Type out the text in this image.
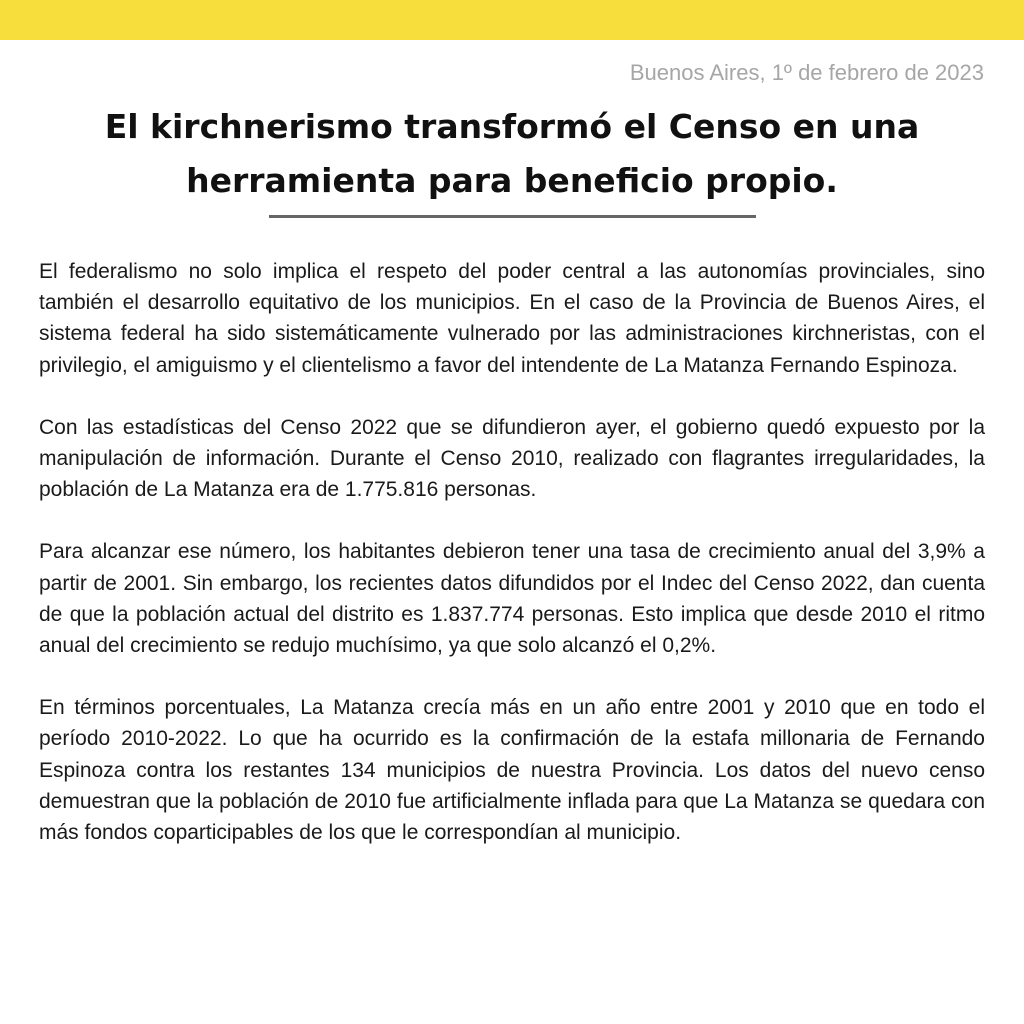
Buenos Aires, 1º de febrero de 2023
El kirchnerismo transformó el Censo en una herramienta para beneficio propio.

El federalismo no solo implica el respeto del poder central a las autonomías provinciales, sino también el desarrollo equitativo de los municipios. En el caso de la Provincia de Buenos Aires, el sistema federal ha sido sistemáticamente vulnerado por las administraciones kirchneristas, con el privilegio, el amiguismo y el clientelismo a favor del intendente de La Matanza Fernando Espinoza.

Con las estadísticas del Censo 2022 que se difundieron ayer, el gobierno quedó expuesto por la manipulación de información. Durante el Censo 2010, realizado con flagrantes irregularidades, la población de La Matanza era de 1.775.816 personas.

Para alcanzar ese número, los habitantes debieron tener una tasa de crecimiento anual del 3,9% a partir de 2001. Sin embargo, los recientes datos difundidos por el Indec del Censo 2022, dan cuenta de que la población actual del distrito es 1.837.774 personas. Esto implica que desde 2010 el ritmo anual del crecimiento se redujo muchísimo, ya que solo alcanzó el 0,2%.

En términos porcentuales, La Matanza crecía más en un año entre 2001 y 2010 que en todo el período 2010-2022. Lo que ha ocurrido es la confirmación de la estafa millonaria de Fernando Espinoza contra los restantes 134 municipios de nuestra Provincia. Los datos del nuevo censo demuestran que la población de 2010 fue artificialmente inflada para que La Matanza se quedara con más fondos coparticipables de los que le correspondían al municipio.
